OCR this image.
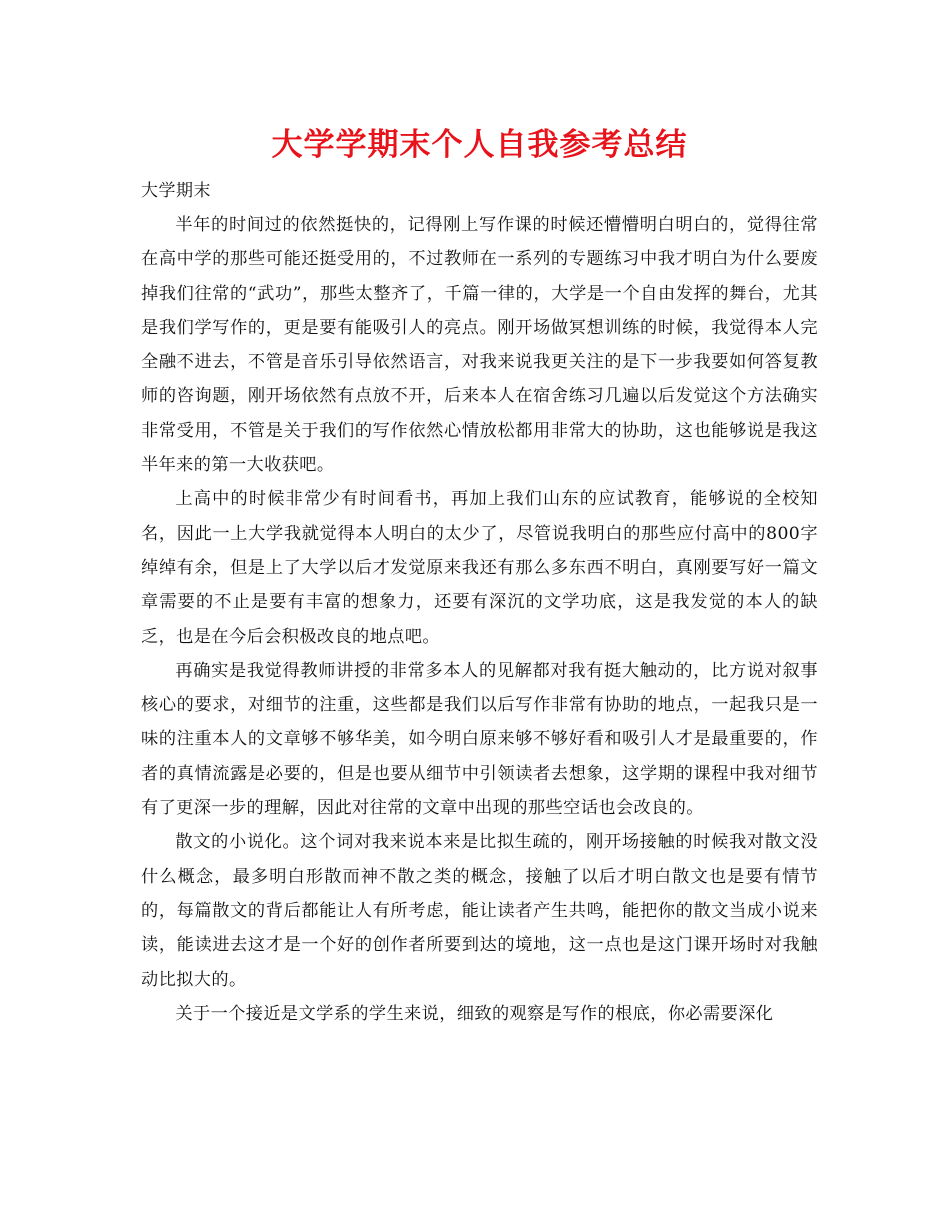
大学学期末个人自我参考总结

大学期末

半年的时间过的依然挺快的，记得刚上写作课的时候还懵懵明白明白的，觉得往常在高中学的那些可能还挺受用的，不过教师在一系列的专题练习中我才明白为什么要废掉我们往常的“武功”，那些太整齐了，千篇一律的，大学是一个自由发挥的舞台，尤其是我们学写作的，更是要有能吸引人的亮点。刚开场做冥想训练的时候，我觉得本人完全融不进去，不管是音乐引导依然语言，对我来说我更关注的是下一步我要如何答复教师的咨询题，刚开场依然有点放不开，后来本人在宿舍练习几遍以后发觉这个方法确实非常受用，不管是关于我们的写作依然心情放松都用非常大的协助，这也能够说是我这半年来的第一大收获吧。

上高中的时候非常少有时间看书，再加上我们山东的应试教育，能够说的全校知名，因此一上大学我就觉得本人明白的太少了，尽管说我明白的那些应付高中的800字绰绰有余，但是上了大学以后才发觉原来我还有那么多东西不明白，真刚要写好一篇文章需要的不止是要有丰富的想象力，还要有深沉的文学功底，这是我发觉的本人的缺乏，也是在今后会积极改良的地点吧。

再确实是我觉得教师讲授的非常多本人的见解都对我有挺大触动的，比方说对叙事核心的要求，对细节的注重，这些都是我们以后写作非常有协助的地点，一起我只是一味的注重本人的文章够不够华美，如今明白原来够不够好看和吸引人才是最重要的，作者的真情流露是必要的，但是也要从细节中引领读者去想象，这学期的课程中我对细节有了更深一步的理解，因此对往常的文章中出现的那些空话也会改良的。

散文的小说化。这个词对我来说本来是比拟生疏的，刚开场接触的时候我对散文没什么概念，最多明白形散而神不散之类的概念，接触了以后才明白散文也是要有情节的，每篇散文的背后都能让人有所考虑，能让读者产生共鸣，能把你的散文当成小说来读，能读进去这才是一个好的创作者所要到达的境地，这一点也是这门课开场时对我触动比拟大的。

关于一个接近是文学系的学生来说，细致的观察是写作的根底，你必需要深化
